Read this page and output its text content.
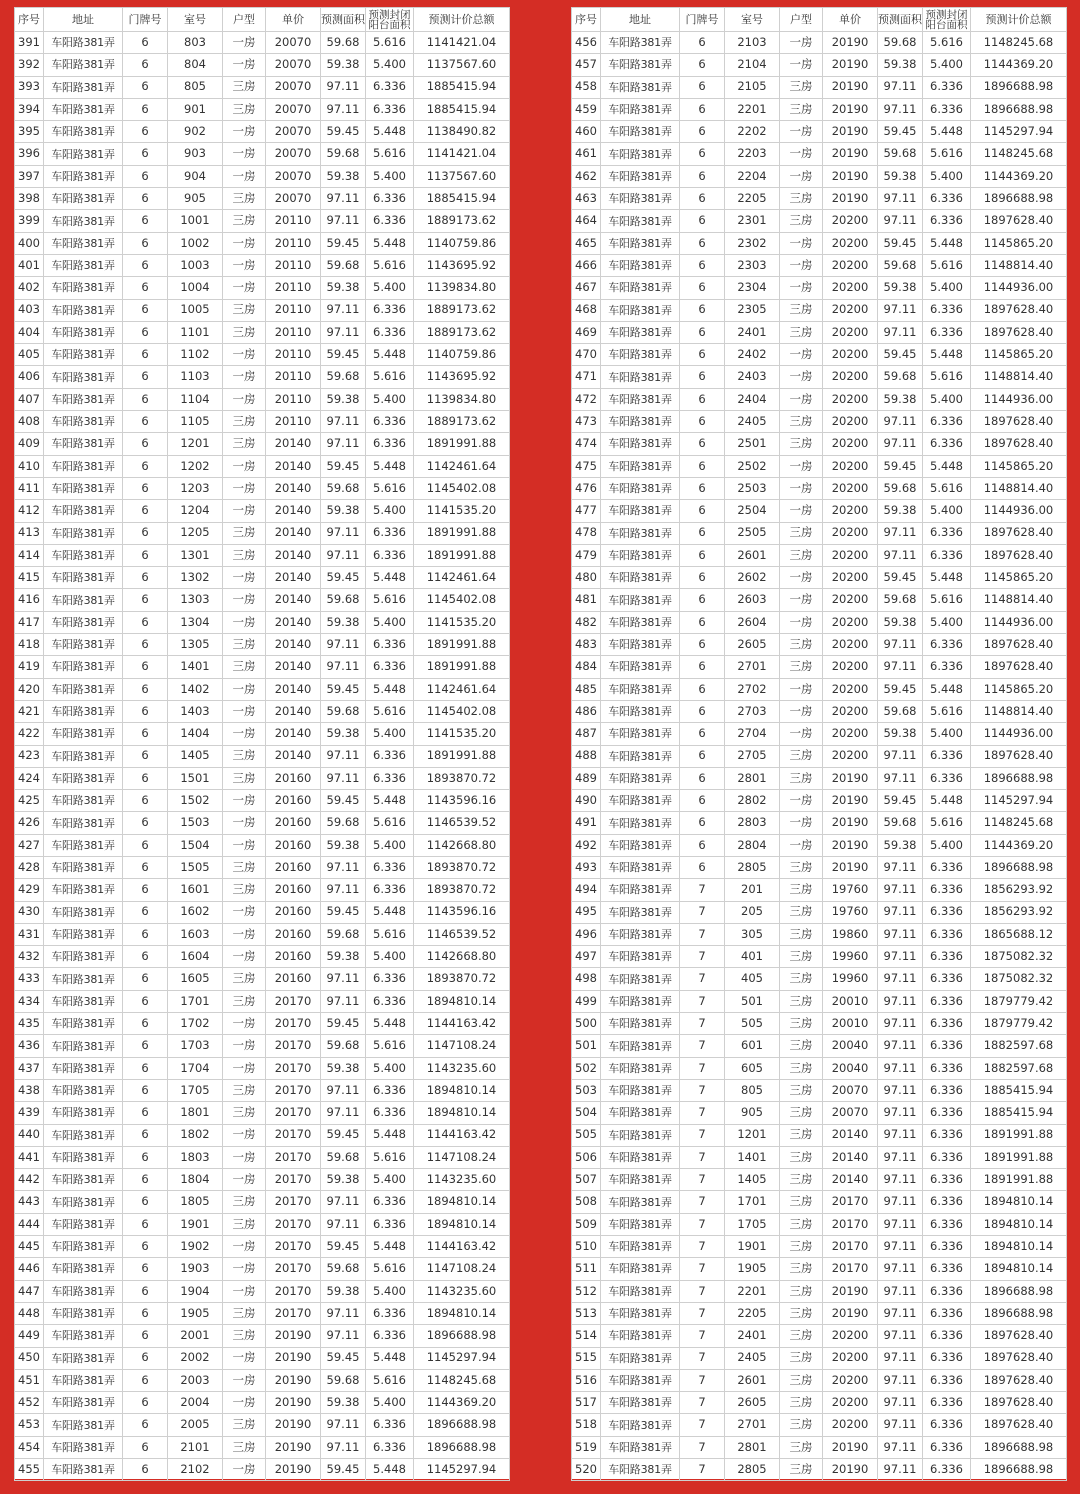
序号	地址	门牌号	室号	户型	单价	预测面积	预测封闭阳台面积	预测计价总额
391	车阳路381弄	6	803	一房	20070	59.68	5.616	1141421.04
392	车阳路381弄	6	804	一房	20070	59.38	5.400	1137567.60
393	车阳路381弄	6	805	三房	20070	97.11	6.336	1885415.94
394	车阳路381弄	6	901	三房	20070	97.11	6.336	1885415.94
395	车阳路381弄	6	902	一房	20070	59.45	5.448	1138490.82
396	车阳路381弄	6	903	一房	20070	59.68	5.616	1141421.04
397	车阳路381弄	6	904	一房	20070	59.38	5.400	1137567.60
398	车阳路381弄	6	905	三房	20070	97.11	6.336	1885415.94
399	车阳路381弄	6	1001	三房	20110	97.11	6.336	1889173.62
400	车阳路381弄	6	1002	一房	20110	59.45	5.448	1140759.86
401	车阳路381弄	6	1003	一房	20110	59.68	5.616	1143695.92
402	车阳路381弄	6	1004	一房	20110	59.38	5.400	1139834.80
403	车阳路381弄	6	1005	三房	20110	97.11	6.336	1889173.62
404	车阳路381弄	6	1101	三房	20110	97.11	6.336	1889173.62
405	车阳路381弄	6	1102	一房	20110	59.45	5.448	1140759.86
406	车阳路381弄	6	1103	一房	20110	59.68	5.616	1143695.92
407	车阳路381弄	6	1104	一房	20110	59.38	5.400	1139834.80
408	车阳路381弄	6	1105	三房	20110	97.11	6.336	1889173.62
409	车阳路381弄	6	1201	三房	20140	97.11	6.336	1891991.88
410	车阳路381弄	6	1202	一房	20140	59.45	5.448	1142461.64
411	车阳路381弄	6	1203	一房	20140	59.68	5.616	1145402.08
412	车阳路381弄	6	1204	一房	20140	59.38	5.400	1141535.20
413	车阳路381弄	6	1205	三房	20140	97.11	6.336	1891991.88
414	车阳路381弄	6	1301	三房	20140	97.11	6.336	1891991.88
415	车阳路381弄	6	1302	一房	20140	59.45	5.448	1142461.64
416	车阳路381弄	6	1303	一房	20140	59.68	5.616	1145402.08
417	车阳路381弄	6	1304	一房	20140	59.38	5.400	1141535.20
418	车阳路381弄	6	1305	三房	20140	97.11	6.336	1891991.88
419	车阳路381弄	6	1401	三房	20140	97.11	6.336	1891991.88
420	车阳路381弄	6	1402	一房	20140	59.45	5.448	1142461.64
421	车阳路381弄	6	1403	一房	20140	59.68	5.616	1145402.08
422	车阳路381弄	6	1404	一房	20140	59.38	5.400	1141535.20
423	车阳路381弄	6	1405	三房	20140	97.11	6.336	1891991.88
424	车阳路381弄	6	1501	三房	20160	97.11	6.336	1893870.72
425	车阳路381弄	6	1502	一房	20160	59.45	5.448	1143596.16
426	车阳路381弄	6	1503	一房	20160	59.68	5.616	1146539.52
427	车阳路381弄	6	1504	一房	20160	59.38	5.400	1142668.80
428	车阳路381弄	6	1505	三房	20160	97.11	6.336	1893870.72
429	车阳路381弄	6	1601	三房	20160	97.11	6.336	1893870.72
430	车阳路381弄	6	1602	一房	20160	59.45	5.448	1143596.16
431	车阳路381弄	6	1603	一房	20160	59.68	5.616	1146539.52
432	车阳路381弄	6	1604	一房	20160	59.38	5.400	1142668.80
433	车阳路381弄	6	1605	三房	20160	97.11	6.336	1893870.72
434	车阳路381弄	6	1701	三房	20170	97.11	6.336	1894810.14
435	车阳路381弄	6	1702	一房	20170	59.45	5.448	1144163.42
436	车阳路381弄	6	1703	一房	20170	59.68	5.616	1147108.24
437	车阳路381弄	6	1704	一房	20170	59.38	5.400	1143235.60
438	车阳路381弄	6	1705	三房	20170	97.11	6.336	1894810.14
439	车阳路381弄	6	1801	三房	20170	97.11	6.336	1894810.14
440	车阳路381弄	6	1802	一房	20170	59.45	5.448	1144163.42
441	车阳路381弄	6	1803	一房	20170	59.68	5.616	1147108.24
442	车阳路381弄	6	1804	一房	20170	59.38	5.400	1143235.60
443	车阳路381弄	6	1805	三房	20170	97.11	6.336	1894810.14
444	车阳路381弄	6	1901	三房	20170	97.11	6.336	1894810.14
445	车阳路381弄	6	1902	一房	20170	59.45	5.448	1144163.42
446	车阳路381弄	6	1903	一房	20170	59.68	5.616	1147108.24
447	车阳路381弄	6	1904	一房	20170	59.38	5.400	1143235.60
448	车阳路381弄	6	1905	三房	20170	97.11	6.336	1894810.14
449	车阳路381弄	6	2001	三房	20190	97.11	6.336	1896688.98
450	车阳路381弄	6	2002	一房	20190	59.45	5.448	1145297.94
451	车阳路381弄	6	2003	一房	20190	59.68	5.616	1148245.68
452	车阳路381弄	6	2004	一房	20190	59.38	5.400	1144369.20
453	车阳路381弄	6	2005	三房	20190	97.11	6.336	1896688.98
454	车阳路381弄	6	2101	三房	20190	97.11	6.336	1896688.98
455	车阳路381弄	6	2102	一房	20190	59.45	5.448	1145297.94
序号	地址	门牌号	室号	户型	单价	预测面积	预测封闭阳台面积	预测计价总额
456	车阳路381弄	6	2103	一房	20190	59.68	5.616	1148245.68
457	车阳路381弄	6	2104	一房	20190	59.38	5.400	1144369.20
458	车阳路381弄	6	2105	三房	20190	97.11	6.336	1896688.98
459	车阳路381弄	6	2201	三房	20190	97.11	6.336	1896688.98
460	车阳路381弄	6	2202	一房	20190	59.45	5.448	1145297.94
461	车阳路381弄	6	2203	一房	20190	59.68	5.616	1148245.68
462	车阳路381弄	6	2204	一房	20190	59.38	5.400	1144369.20
463	车阳路381弄	6	2205	三房	20190	97.11	6.336	1896688.98
464	车阳路381弄	6	2301	三房	20200	97.11	6.336	1897628.40
465	车阳路381弄	6	2302	一房	20200	59.45	5.448	1145865.20
466	车阳路381弄	6	2303	一房	20200	59.68	5.616	1148814.40
467	车阳路381弄	6	2304	一房	20200	59.38	5.400	1144936.00
468	车阳路381弄	6	2305	三房	20200	97.11	6.336	1897628.40
469	车阳路381弄	6	2401	三房	20200	97.11	6.336	1897628.40
470	车阳路381弄	6	2402	一房	20200	59.45	5.448	1145865.20
471	车阳路381弄	6	2403	一房	20200	59.68	5.616	1148814.40
472	车阳路381弄	6	2404	一房	20200	59.38	5.400	1144936.00
473	车阳路381弄	6	2405	三房	20200	97.11	6.336	1897628.40
474	车阳路381弄	6	2501	三房	20200	97.11	6.336	1897628.40
475	车阳路381弄	6	2502	一房	20200	59.45	5.448	1145865.20
476	车阳路381弄	6	2503	一房	20200	59.68	5.616	1148814.40
477	车阳路381弄	6	2504	一房	20200	59.38	5.400	1144936.00
478	车阳路381弄	6	2505	三房	20200	97.11	6.336	1897628.40
479	车阳路381弄	6	2601	三房	20200	97.11	6.336	1897628.40
480	车阳路381弄	6	2602	一房	20200	59.45	5.448	1145865.20
481	车阳路381弄	6	2603	一房	20200	59.68	5.616	1148814.40
482	车阳路381弄	6	2604	一房	20200	59.38	5.400	1144936.00
483	车阳路381弄	6	2605	三房	20200	97.11	6.336	1897628.40
484	车阳路381弄	6	2701	三房	20200	97.11	6.336	1897628.40
485	车阳路381弄	6	2702	一房	20200	59.45	5.448	1145865.20
486	车阳路381弄	6	2703	一房	20200	59.68	5.616	1148814.40
487	车阳路381弄	6	2704	一房	20200	59.38	5.400	1144936.00
488	车阳路381弄	6	2705	三房	20200	97.11	6.336	1897628.40
489	车阳路381弄	6	2801	三房	20190	97.11	6.336	1896688.98
490	车阳路381弄	6	2802	一房	20190	59.45	5.448	1145297.94
491	车阳路381弄	6	2803	一房	20190	59.68	5.616	1148245.68
492	车阳路381弄	6	2804	一房	20190	59.38	5.400	1144369.20
493	车阳路381弄	6	2805	三房	20190	97.11	6.336	1896688.98
494	车阳路381弄	7	201	三房	19760	97.11	6.336	1856293.92
495	车阳路381弄	7	205	三房	19760	97.11	6.336	1856293.92
496	车阳路381弄	7	305	三房	19860	97.11	6.336	1865688.12
497	车阳路381弄	7	401	三房	19960	97.11	6.336	1875082.32
498	车阳路381弄	7	405	三房	19960	97.11	6.336	1875082.32
499	车阳路381弄	7	501	三房	20010	97.11	6.336	1879779.42
500	车阳路381弄	7	505	三房	20010	97.11	6.336	1879779.42
501	车阳路381弄	7	601	三房	20040	97.11	6.336	1882597.68
502	车阳路381弄	7	605	三房	20040	97.11	6.336	1882597.68
503	车阳路381弄	7	805	三房	20070	97.11	6.336	1885415.94
504	车阳路381弄	7	905	三房	20070	97.11	6.336	1885415.94
505	车阳路381弄	7	1201	三房	20140	97.11	6.336	1891991.88
506	车阳路381弄	7	1401	三房	20140	97.11	6.336	1891991.88
507	车阳路381弄	7	1405	三房	20140	97.11	6.336	1891991.88
508	车阳路381弄	7	1701	三房	20170	97.11	6.336	1894810.14
509	车阳路381弄	7	1705	三房	20170	97.11	6.336	1894810.14
510	车阳路381弄	7	1901	三房	20170	97.11	6.336	1894810.14
511	车阳路381弄	7	1905	三房	20170	97.11	6.336	1894810.14
512	车阳路381弄	7	2201	三房	20190	97.11	6.336	1896688.98
513	车阳路381弄	7	2205	三房	20190	97.11	6.336	1896688.98
514	车阳路381弄	7	2401	三房	20200	97.11	6.336	1897628.40
515	车阳路381弄	7	2405	三房	20200	97.11	6.336	1897628.40
516	车阳路381弄	7	2601	三房	20200	97.11	6.336	1897628.40
517	车阳路381弄	7	2605	三房	20200	97.11	6.336	1897628.40
518	车阳路381弄	7	2701	三房	20200	97.11	6.336	1897628.40
519	车阳路381弄	7	2801	三房	20190	97.11	6.336	1896688.98
520	车阳路381弄	7	2805	三房	20190	97.11	6.336	1896688.98
